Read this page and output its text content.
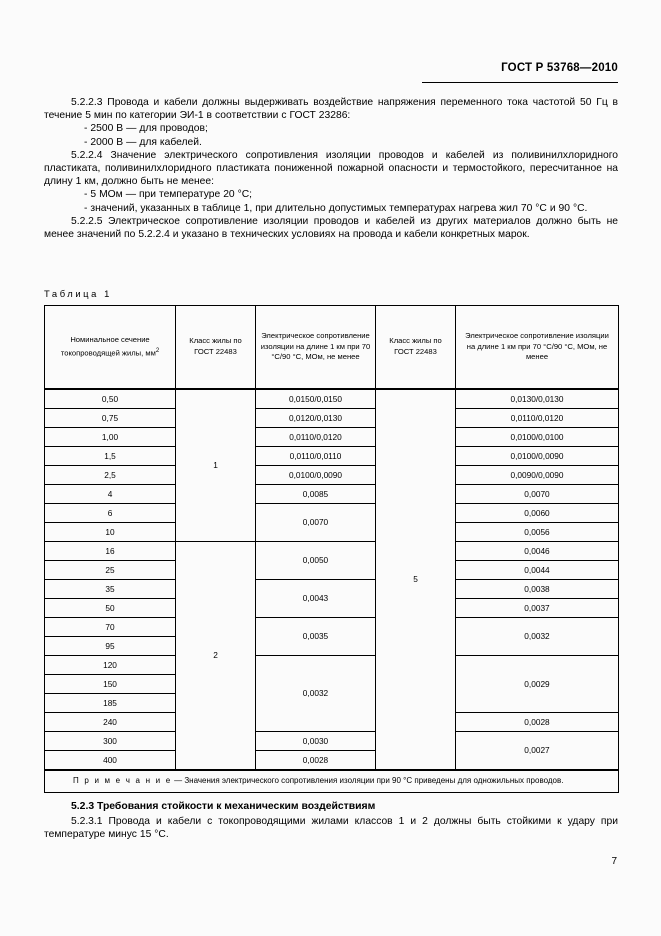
ГОСТ Р 53768—2010

5.2.2.3 Провода и кабели должны выдерживать воздействие напряжения переменного тока частотой 50 Гц в течение 5 мин по категории ЭИ-1 в соответствии с ГОСТ 23286:

- 2500 В — для проводов;

- 2000 В — для кабелей.

5.2.2.4 Значение электрического сопротивления изоляции проводов и кабелей из поливинилхлоридного пластиката, поливинилхлоридного пластиката пониженной пожарной опасности и термостойкого, пересчитанное на длину 1 км, должно быть не менее:

- 5 МОм — при температуре 20 °С;

- значений, указанных в таблице 1, при длительно допустимых температурах нагрева жил 70 °С и 90 °С.

5.2.2.5 Электрическое сопротивление изоляции проводов и кабелей из других материалов должно быть не менее значений по 5.2.2.4 и указано в технических условиях на провода и кабели конкретных марок.

Таблица 1
Номинальное сечение токопроводящей жилы, $мм^2$	Класс жилы по ГОСТ 22483	Электрическое сопротивление изоляции на длине 1 км при 70 °С/90 °С, МОм, не менее	Класс жилы по ГОСТ 22483	Электрическое сопротивление изоляции на длине 1 км при 70 °С/90 °С, МОм, не менее
0,50	1	0,0150/0,0150	5	0,0130/0,0130
0,75		0,0120/0,0130		0,0110/0,0120
1,00		0,0110/0,0120		0,0100/0,0100
1,5		0,0110/0,0110		0,0100/0,0090
2,5		0,0100/0,0090		0,0090/0,0090
4		0,0085		0,0070
6		0,0070		0,0060
10				0,0056
16	2	0,0050		0,0046
25				0,0044
35		0,0043		0,0038
50				0,0037
70		0,0035		0,0032
95				
120		0,0032		0,0029
150				
185				
240				0,0028
300		0,0030		0,0027
400		0,0028		
П р и м е ч а н и е — Значения электрического сопротивления изоляции при 90 °С приведены для одножильных проводов.				

5.2.3 Требования стойкости к механическим воздействиям

5.2.3.1 Провода и кабели с токопроводящими жилами классов 1 и 2 должны быть стойкими к удару при температуре минус 15 °С.

7
